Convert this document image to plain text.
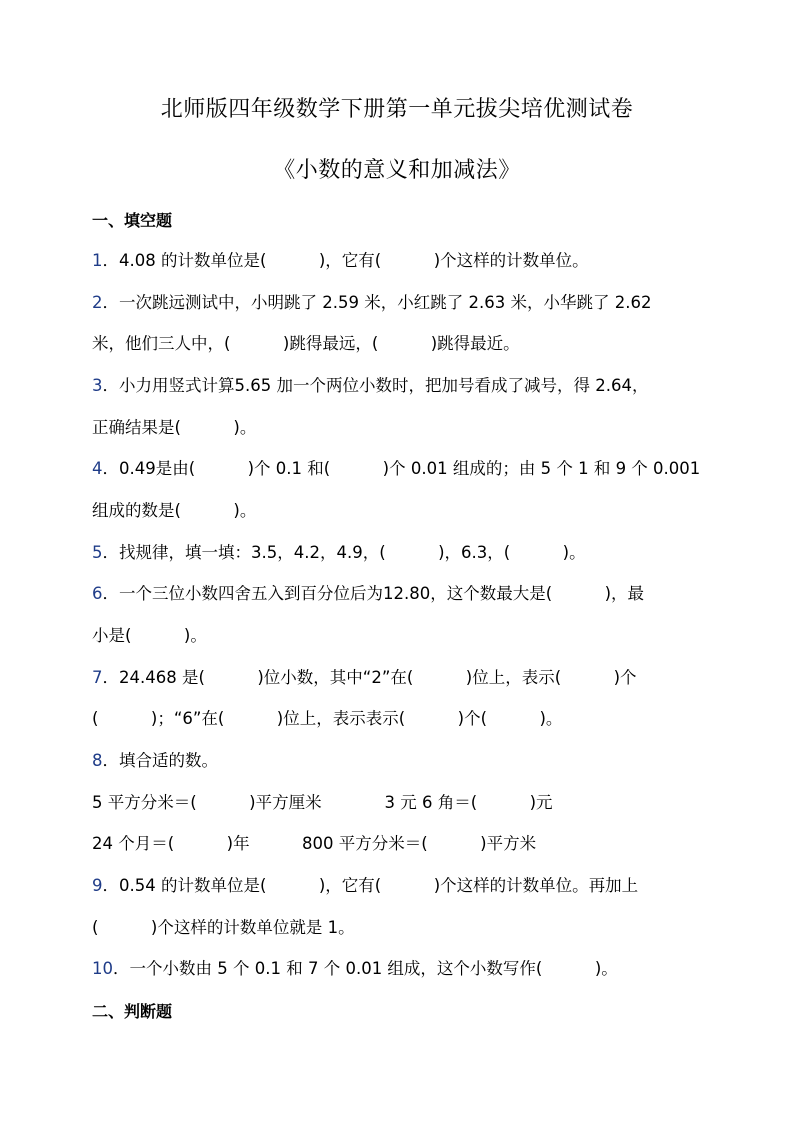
北师版四年级数学下册第一单元拔尖培优测试卷
《小数的意义和加减法》
一、填空题
1．4.08 的计数单位是(          )，它有(          )个这样的计数单位。
2．一次跳远测试中，小明跳了 2.59 米，小红跳了 2.63 米，小华跳了 2.62
米，他们三人中，(          )跳得最远，(          )跳得最近。
3．小力用竖式计算5.65 加一个两位小数时，把加号看成了减号，得 2.64，
正确结果是(          )。
4．0.49是由(          )个 0.1 和(          )个 0.01 组成的；由 5 个 1 和 9 个 0.001
组成的数是(          )。
5．找规律，填一填：3.5，4.2，4.9，(          )，6.3，(          )。
6．一个三位小数四舍五入到百分位后为12.80，这个数最大是(          )，最
小是(          )。
7．24.468 是(          )位小数，其中“2”在(          )位上，表示(          )个
(          )；“6”在(          )位上，表示表示(          )个(          )。
8．填合适的数。
5 平方分米＝(          )平方厘米            3 元 6 角＝(          )元
24 个月＝(          )年          800 平方分米＝(          )平方米
9．0.54 的计数单位是(          )，它有(          )个这样的计数单位。再加上
(          )个这样的计数单位就是 1。
10．一个小数由 5 个 0.1 和 7 个 0.01 组成，这个小数写作(          )。
二、判断题
